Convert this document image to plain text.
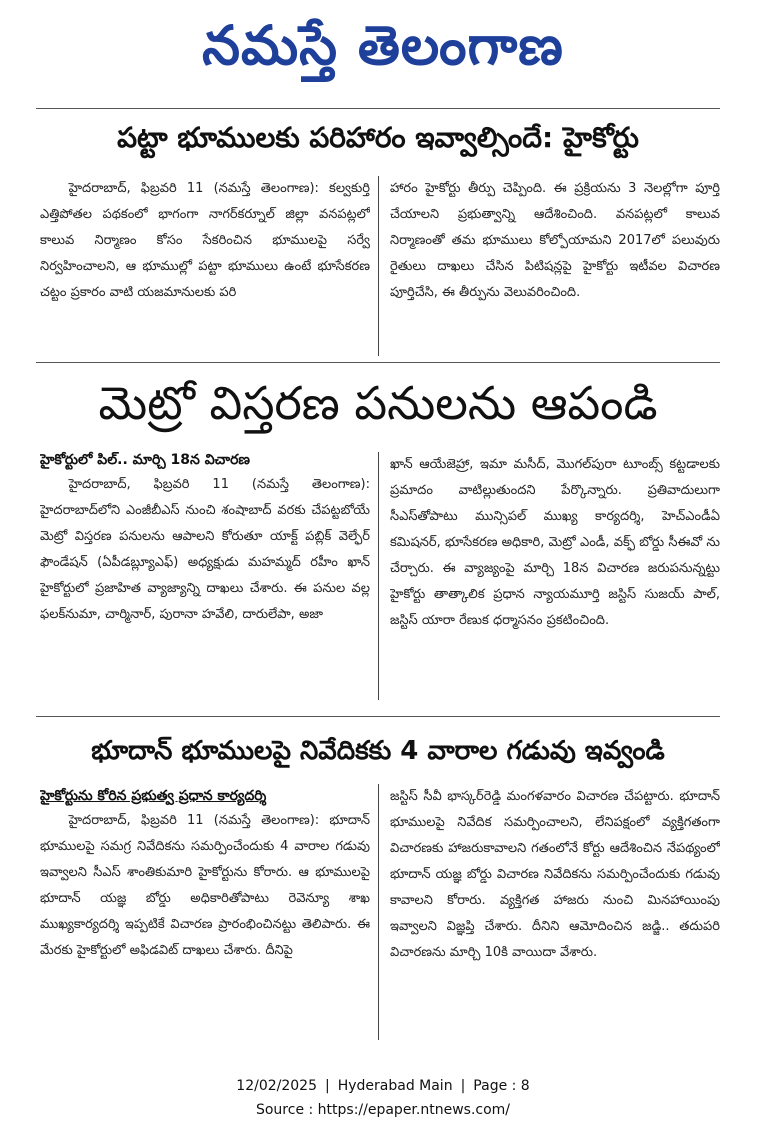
నమస్తే తెలంగాణ
పట్టా భూములకు పరిహారం ఇవ్వాల్సిందే: హైకోర్టు

హైదరాబాద్, ఫిబ్రవరి 11 (నమస్తే తెలంగాణ): కల్వకుర్తి ఎత్తిపోతల పథకంలో భాగంగా నాగర్‌కర్నూల్ జిల్లా వనపట్లలో కాలువ నిర్మాణం కోసం సేకరించిన భూములపై సర్వే నిర్వహించాలని, ఆ భూముల్లో పట్టా భూములు ఉంటే భూసేకరణ చట్టం ప్రకారం వాటి యజమానులకు పరి

హారం హైకోర్టు తీర్పు చెప్పింది. ఈ ప్రక్రియను 3 నెలల్లోగా పూర్తి చేయాలని ప్రభుత్వాన్ని ఆదేశించింది. వనపట్లలో కాలువ నిర్మాణంతో తమ భూములు కోల్పోయామని 2017లో పలువురు రైతులు దాఖలు చేసిన పిటిషన్లపై హైకోర్టు ఇటీవల విచారణ పూర్తిచేసి, ఈ తీర్పును వెలువరించింది.

మెట్రో విస్తరణ పనులను ఆపండి
హైకోర్టులో పిల్.. మార్చి 18న విచారణ

హైదరాబాద్, ఫిబ్రవరి 11 (నమస్తే తెలంగాణ): హైదరాబాద్‌లోని ఎంజీబీఎస్ నుంచి శంషాబాద్ వరకు చేపట్టబోయే మెట్రో విస్తరణ పనులను ఆపాలని కోరుతూ యాక్ట్ పబ్లిక్ వెల్ఫేర్ ఫౌండేషన్ (ఏపీడబ్ల్యూఎఫ్) అధ్యక్షుడు మహమ్మద్ రహీం ఖాన్ హైకోర్టులో ప్రజాహిత వ్యాజ్యాన్ని దాఖలు చేశారు. ఈ పనుల వల్ల ఫలక్‌నుమా, చార్మినార్, పురానా హవేలి, దారులేపా, అజా

ఖాన్ ఆయేజెహ్రా, ఇమా మసీద్, మొగల్‌పురా టూంబ్స్ కట్టడాలకు ప్రమాదం వాటిల్లుతుందని పేర్కొన్నారు. ప్రతివాదులుగా సీఎస్‌తోపాటు మున్సిపల్ ముఖ్య కార్యదర్శి, హెచ్‌ఎండీఏ కమిషనర్, భూసేకరణ అధికారి, మెట్రో ఎండీ, వక్ఫ్ బోర్డు సీఈవో ను చేర్చారు. ఈ వ్యాజ్యంపై మార్చి 18న విచారణ జరుపనున్నట్టు హైకోర్టు తాత్కాలిక ప్రధాన న్యాయమూర్తి జస్టిస్ సుజయ్ పాల్, జస్టిస్ యారా రేణుక ధర్మాసనం ప్రకటించింది.

భూదాన్ భూములపై నివేదికకు 4 వారాల గడువు ఇవ్వండి
హైకోర్టును కోరిన ప్రభుత్వ ప్రధాన కార్యదర్శి

హైదరాబాద్, ఫిబ్రవరి 11 (నమస్తే తెలంగాణ): భూదాన్ భూములపై సమగ్ర నివేదికను సమర్పించేందుకు 4 వారాల గడువు ఇవ్వాలని సీఎస్ శాంతికుమారి హైకోర్టును కోరారు. ఆ భూములపై భూదాన్ యజ్ఞ బోర్డు అధికారితోపాటు రెవెన్యూ శాఖ ముఖ్యకార్యదర్శి ఇప్పటికే విచారణ ప్రారంభించినట్టు తెలిపారు. ఈ మేరకు హైకోర్టులో అఫిడవిట్ దాఖలు చేశారు. దీనిపై

జస్టిస్ సీవీ భాస్కర్‌రెడ్డి మంగళవారం విచారణ చేపట్టారు. భూదాన్ భూములపై నివేదిక సమర్పించాలని, లేనిపక్షంలో వ్యక్తిగతంగా విచారణకు హాజరుకావాలని గతంలోనే కోర్టు ఆదేశించిన నేపథ్యంలో భూదాన్ యజ్ఞ బోర్డు విచారణ నివేదికను సమర్పించేందుకు గడువు కావాలని కోరారు. వ్యక్తిగత హాజరు నుంచి మినహాయింపు ఇవ్వాలని విజ్ఞప్తి చేశారు. దీనిని ఆమోదించిన జడ్జి.. తదుపరి విచారణను మార్చి 10కి వాయిదా వేశారు.

12/02/2025 | Hyderabad Main | Page : 8
Source : https://epaper.ntnews.com/
